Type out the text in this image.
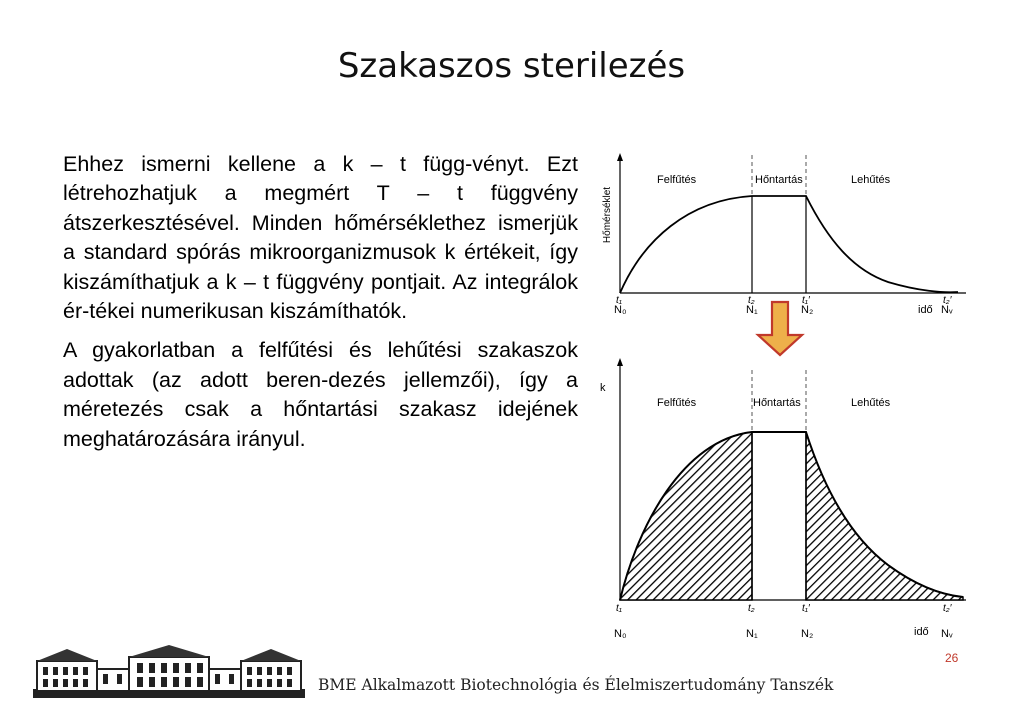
Szakaszos sterilezés

Ehhez ismerni kellene a k – t függ-vényt. Ezt létrehozhatjuk a megmért T – t függvény átszerkesztésével. Minden hőmérséklethez ismerjük a standard spórás mikroorganizmusok k értékeit, így kiszámíthatjuk a k – t függvény pontjait. Az integrálok ér-tékei numerikusan kiszámíthatók.

A gyakorlatban a felfűtési és lehűtési szakaszok adottak (az adott beren-dezés jellemzői), így a méretezés csak a hőntartási szakasz idejének meghatározására irányul.

Hőmérséklet
Felfűtés	Hőntartás	Lehűtés
t₁	t₂	t₁′	t₂′
N₀	N₁	N₂	idő Nᵥ
k
Felfűtés	Hőntartás	Lehűtés
t₁	t₂	t₁′	t₂′
N₀	N₁	N₂	idő Nᵥ
26
BME Alkalmazott Biotechnológia és Élelmiszertudomány Tanszék
